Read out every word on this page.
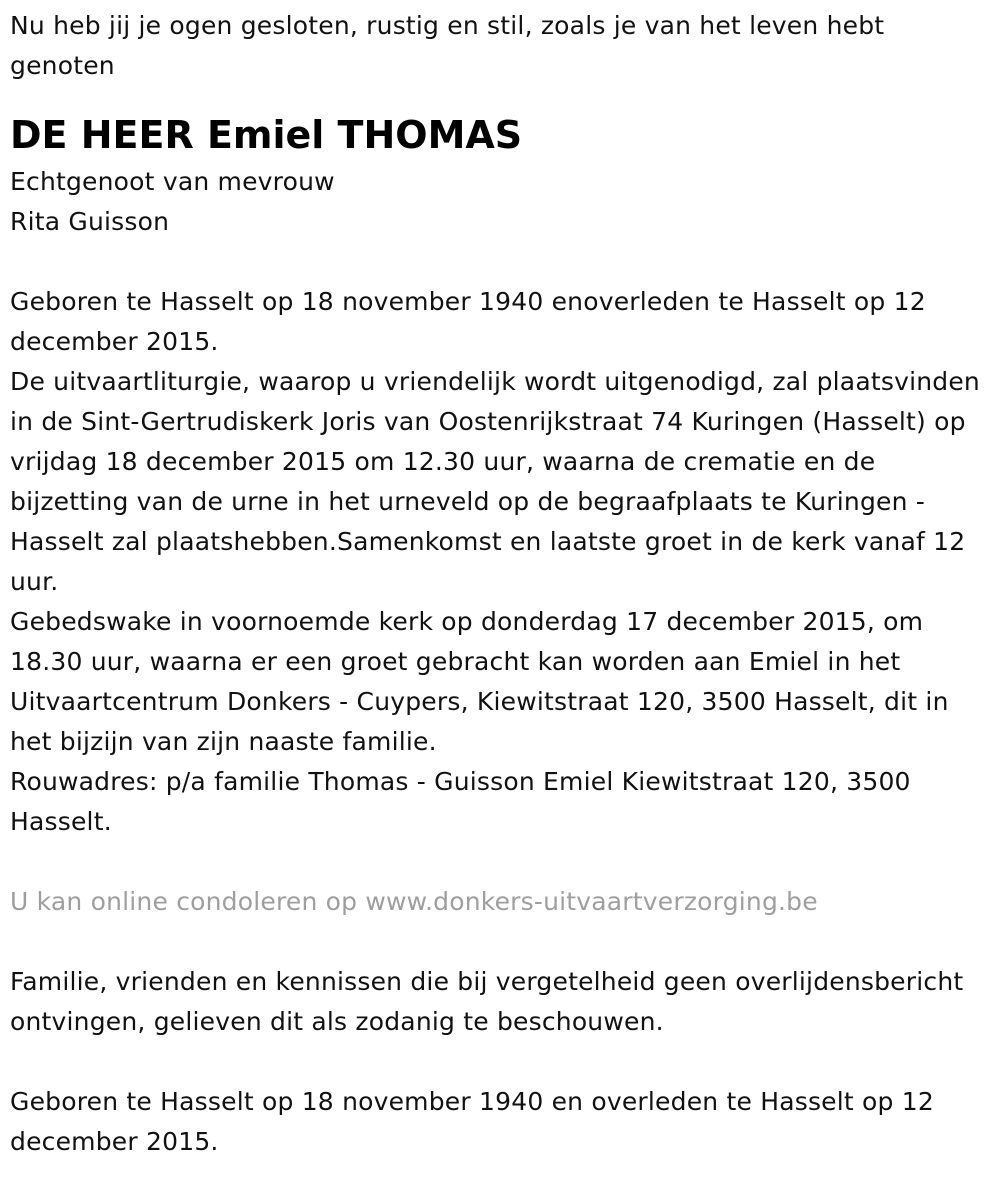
Nu heb jij je ogen gesloten, rustig en stil, zoals je van het leven hebt genoten

DE HEER Emiel THOMAS

Echtgenoot van mevrouw

Rita Guisson

Geboren te Hasselt op 18 november 1940 enoverleden te Hasselt op 12 december 2015.

De uitvaartliturgie, waarop u vriendelijk wordt uitgenodigd, zal plaatsvinden in de Sint-Gertrudiskerk Joris van Oostenrijkstraat 74 Kuringen (Hasselt) op vrijdag 18 december 2015 om 12.30 uur, waarna de crematie en de bijzetting van de urne in het urneveld op de begraafplaats te Kuringen - Hasselt zal plaatshebben.Samenkomst en laatste groet in de kerk vanaf 12 uur.

Gebedswake in voornoemde kerk op donderdag 17 december 2015, om 18.30 uur, waarna er een groet gebracht kan worden aan Emiel in het Uitvaartcentrum Donkers - Cuypers, Kiewitstraat 120, 3500 Hasselt, dit in het bijzijn van zijn naaste familie.

Rouwadres: p/a familie Thomas - Guisson Emiel Kiewitstraat 120, 3500 Hasselt.

U kan online condoleren op www.donkers-uitvaartverzorging.be

Familie, vrienden en kennissen die bij vergetelheid geen overlijdensbericht ontvingen, gelieven dit als zodanig te beschouwen.

Geboren te Hasselt op 18 november 1940 en overleden te Hasselt op 12 december 2015.
